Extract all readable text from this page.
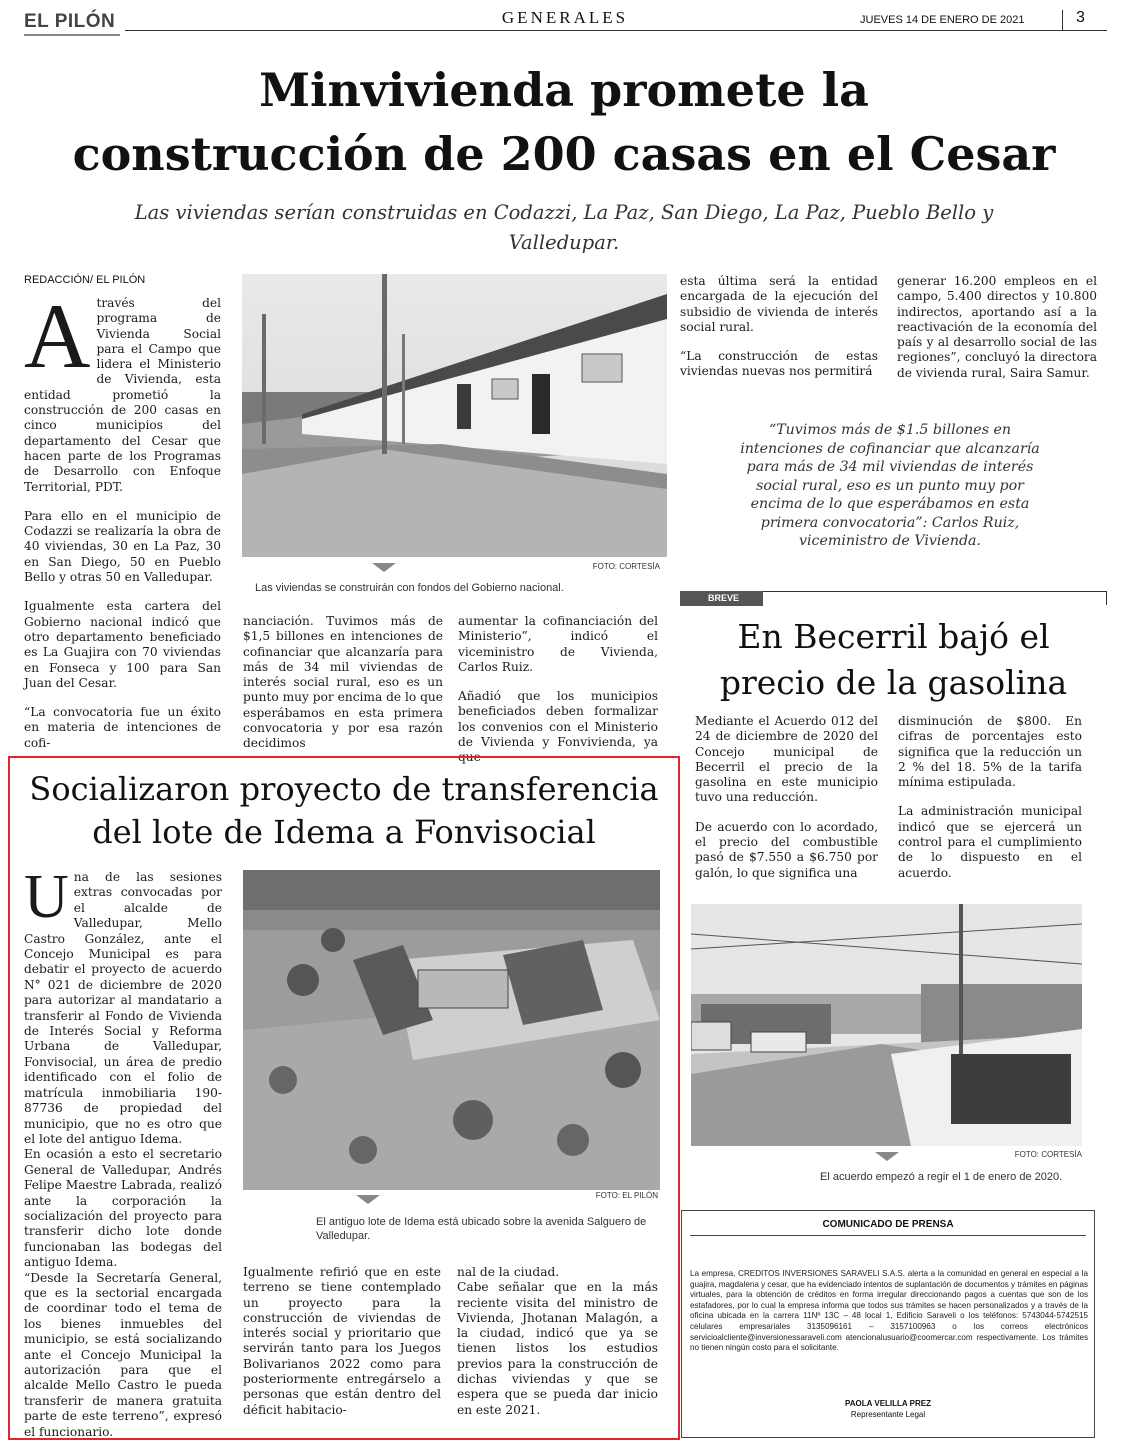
EL PILÓN	GENERALES	JUEVES 14 DE ENERO DE 2021	3
Minvivienda promete la
construcción de 200 casas en el Cesar
Las viviendas serían construidas en Codazzi, La Paz, San Diego, La Paz, Pueblo Bello y
Valledupar.
REDACCIÓN/ EL PILÓN

Através del programa de Vivienda Social para el Campo que lidera el Ministerio de Vivienda, esta entidad prometió la construcción de 200 casas en cinco municipios del departamento del Cesar que hacen parte de los Programas de Desarrollo con Enfoque Territorial, PDT.

Para ello en el municipio de Codazzi se realizaría la obra de 40 viviendas, 30 en La Paz, 30 en San Diego, 50 en Pueblo Bello y otras 50 en Valledupar.

Igualmente esta cartera del Gobierno nacional indicó que otro departamento beneficiado es La Guajira con 70 viviendas en Fonseca y 100 para San Juan del Cesar.

“La convocatoria fue un éxito en materia de intenciones de cofi-

FOTO: CORTESÍA
Las viviendas se construirán con fondos del Gobierno nacional.

nanciación. Tuvimos más de $1,5 billones en intenciones de cofinanciar que alcanzaría para más de 34 mil viviendas de interés social rural, eso es un punto muy por encima de lo que esperábamos en esta primera convocatoria y por esa razón decidimos

aumentar la cofinanciación del Ministerio”, indicó el viceministro de Vivienda, Carlos Ruiz.

Añadió que los municipios beneficiados deben formalizar los convenios con el Ministerio de Vivienda y Fonvivienda, ya que

esta última será la entidad encargada de la ejecución del subsidio de vivienda de interés social rural.

“La construcción de estas viviendas nuevas nos permitirá

generar 16.200 empleos en el campo, 5.400 directos y 10.800 indirectos, aportando así a la reactivación de la economía del país y al desarrollo social de las regiones”, concluyó la directora de vivienda rural, Saira Samur.

“Tuvimos más de $1.5 billones en intenciones de cofinanciar que alcanzaría para más de 34 mil viviendas de interés social rural, eso es un punto muy por encima de lo que esperábamos en esta primera convocatoria”: Carlos Ruiz, viceministro de Vivienda.
BREVE
En Becerril bajó el
precio de la gasolina

Mediante el Acuerdo 012 del 24 de diciembre de 2020 del Concejo municipal de Becerril el precio de la gasolina en este municipio tuvo una reducción.

De acuerdo con lo acordado, el precio del combustible pasó de $7.550 a $6.750 por galón, lo que significa una

disminución de $800. En cifras de porcentajes esto significa que la reducción un 2 % del 18. 5% de la tarifa mínima estipulada.

La administración municipal indicó que se ejercerá un control para el cumplimiento de lo dispuesto en el acuerdo.

FOTO: CORTESÍA
El acuerdo empezó a regir el 1 de enero de 2020.
COMUNICADO DE PRENSA
La empresa, CREDITOS INVERSIONES SARAVELI S.A.S. alerta a la comunidad en general en especial a la guajira, magdalena y cesar, que ha evidenciado intentos de suplantación de documentos y trámites en páginas virtuales, para la obtención de créditos en forma irregular direccionando pagos a cuentas que son de los estafadores, por lo cual la empresa informa que todos sus trámites se hacen personalizados y a través de la oficina ubicada en la carrera 11Nº 13C – 48 local 1, Edificio Saraveli o los teléfonos: 5743044-5742515 celulares empresariales 3135096161 – 3157100963 o los correos electrónicos servicioalcliente@inversionessaraveli.com atencionalusuario@coomercar.com respectivamente. Los trámites no tienen ningún costo para el solicitante.
PAOLA VELILLA PREZ
Representante Legal
Socializaron proyecto de transferencia
del lote de Idema a Fonvisocial

Una de las sesiones extras convocadas por el alcalde de Valledupar, Mello Castro González, ante el Concejo Municipal es para debatir el proyecto de acuerdo N° 021 de diciembre de 2020 para autorizar al mandatario a transferir al Fondo de Vivienda de Interés Social y Reforma Urbana de Valledupar, Fonvisocial, un área de predio identificado con el folio de matrícula inmobiliaria 190- 87736 de propiedad del municipio, que no es otro que el lote del antiguo Idema.

En ocasión a esto el secretario General de Valledupar, Andrés Felipe Maestre Labrada, realizó ante la corporación la socialización del proyecto para transferir dicho lote donde funcionaban las bodegas del antiguo Idema.

“Desde la Secretaría General, que es la sectorial encargada de coordinar todo el tema de los bienes inmuebles del municipio, se está socializando ante el Concejo Municipal la autorización para que el alcalde Mello Castro le pueda transferir de manera gratuita parte de este terreno”, expresó el funcionario.

FOTO: EL PILÓN
El antiguo lote de Idema está ubicado sobre la avenida Salguero de Valledupar.

Igualmente refirió que en este terreno se tiene contemplado un proyecto para la construcción de viviendas de interés social y prioritario que servirán tanto para los Juegos Bolivarianos 2022 como para posteriormente entregárselo a personas que están dentro del déficit habitacio-

nal de la ciudad.

Cabe señalar que en la más reciente visita del ministro de Vivienda, Jhotanan Malagón, a la ciudad, indicó que ya se tienen listos los estudios previos para la construcción de dichas viviendas y que se espera que se pueda dar inicio en este 2021.
